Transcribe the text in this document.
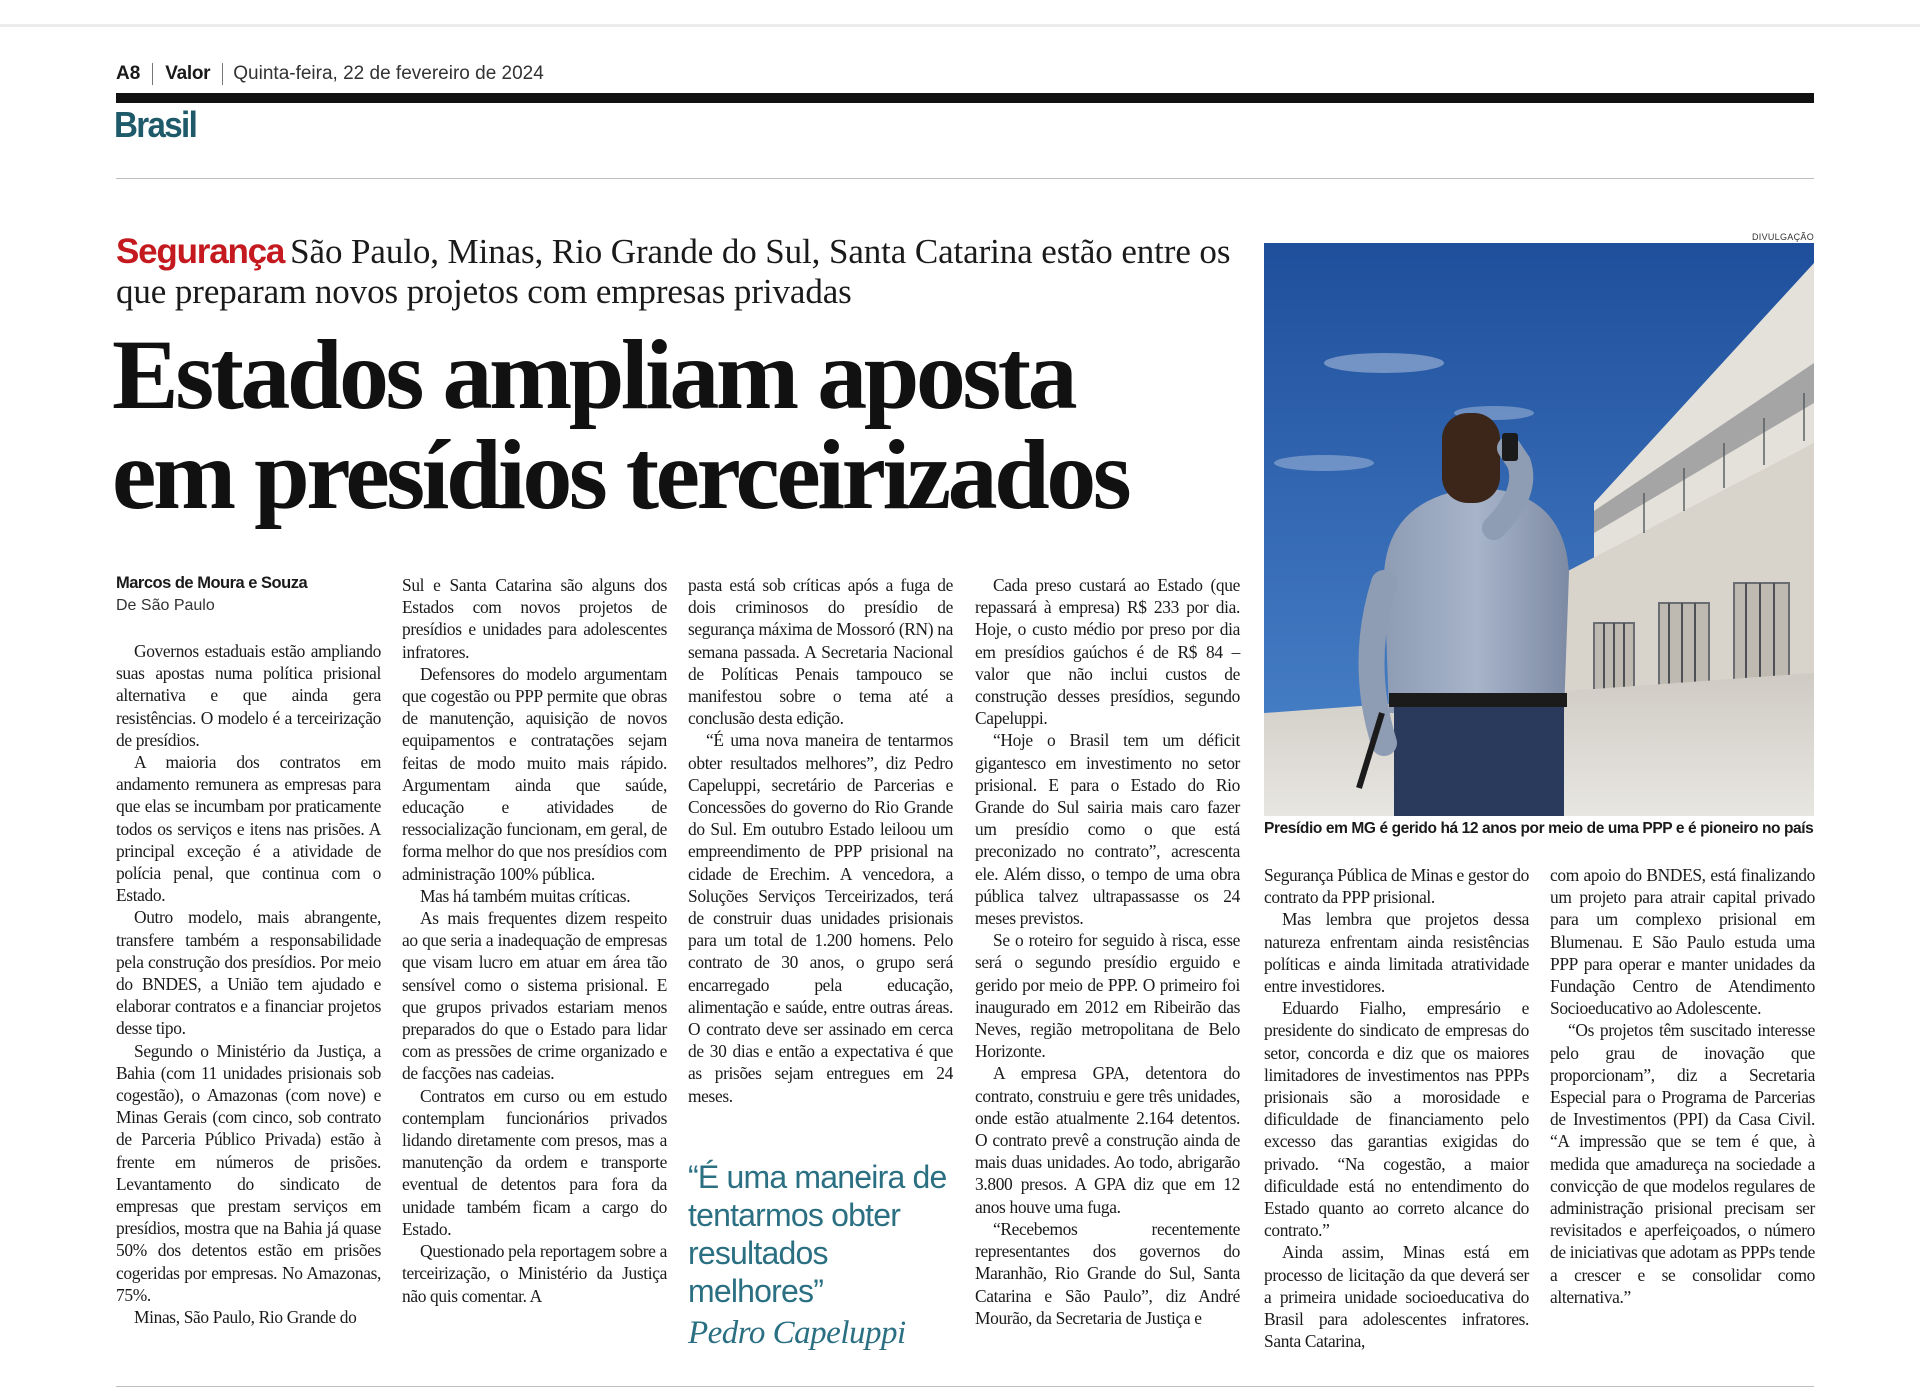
A8	Valor	Quinta-feira, 22 de fevereiro de 2024
Brasil
Segurança São Paulo, Minas, Rio Grande do Sul, Santa Catarina estão entre os que preparam novos projetos com empresas privadas
Estados ampliam aposta
em presídios terceirizados
Marcos de Moura e Souza
De São Paulo

Governos estaduais estão ampliando suas apostas numa política prisional alternativa e que ainda gera resistências. O modelo é a terceirização de presídios.

A maioria dos contratos em andamento remunera as empresas para que elas se incumbam por praticamente todos os serviços e itens nas prisões. A principal exceção é a atividade de polícia penal, que continua com o Estado.

Outro modelo, mais abrangente, transfere também a responsabilidade pela construção dos presídios. Por meio do BNDES, a União tem ajudado e elaborar contratos e a financiar projetos desse tipo.

Segundo o Ministério da Justiça, a Bahia (com 11 unidades prisionais sob cogestão), o Amazonas (com nove) e Minas Gerais (com cinco, sob contrato de Parceria Público Privada) estão à frente em números de prisões. Levantamento do sindicato de empresas que prestam serviços em presídios, mostra que na Bahia já quase 50% dos detentos estão em prisões cogeridas por empresas. No Amazonas, 75%.

Minas, São Paulo, Rio Grande do

Sul e Santa Catarina são alguns dos Estados com novos projetos de presídios e unidades para adolescentes infratores.

Defensores do modelo argumentam que cogestão ou PPP permite que obras de manutenção, aquisição de novos equipamentos e contratações sejam feitas de modo muito mais rápido. Argumentam ainda que saúde, educação e atividades de ressocialização funcionam, em geral, de forma melhor do que nos presídios com administração 100% pública.

Mas há também muitas críticas.

As mais frequentes dizem respeito ao que seria a inadequação de empresas que visam lucro em atuar em área tão sensível como o sistema prisional. E que grupos privados estariam menos preparados do que o Estado para lidar com as pressões de crime organizado e de facções nas cadeias.

Contratos em curso ou em estudo contemplam funcionários privados lidando diretamente com presos, mas a manutenção da ordem e transporte eventual de detentos para fora da unidade também ficam a cargo do Estado.

Questionado pela reportagem sobre a terceirização, o Ministério da Justiça não quis comentar. A

pasta está sob críticas após a fuga de dois criminosos do presídio de segurança máxima de Mossoró (RN) na semana passada. A Secretaria Nacional de Políticas Penais tampouco se manifestou sobre o tema até a conclusão desta edição.

“É uma nova maneira de tentarmos obter resultados melhores”, diz Pedro Capeluppi, secretário de Parcerias e Concessões do governo do Rio Grande do Sul. Em outubro Estado leiloou um empreendimento de PPP prisional na cidade de Erechim. A vencedora, a Soluções Serviços Terceirizados, terá de construir duas unidades prisionais para um total de 1.200 homens. Pelo contrato de 30 anos, o grupo será encarregado pela educação, alimentação e saúde, entre outras áreas. O contrato deve ser assinado em cerca de 30 dias e então a expectativa é que as prisões sejam entregues em 24 meses.

“É uma maneira de tentarmos obter resultados melhores”
Pedro Capeluppi

Cada preso custará ao Estado (que repassará à empresa) R$ 233 por dia. Hoje, o custo médio por preso por dia em presídios gaúchos é de R$ 84 – valor que não inclui custos de construção desses presídios, segundo Capeluppi.

“Hoje o Brasil tem um déficit gigantesco em investimento no setor prisional. E para o Estado do Rio Grande do Sul sairia mais caro fazer um presídio como o que está preconizado no contrato”, acrescenta ele. Além disso, o tempo de uma obra pública talvez ultrapassasse os 24 meses previstos.

Se o roteiro for seguido à risca, esse será o segundo presídio erguido e gerido por meio de PPP. O primeiro foi inaugurado em 2012 em Ribeirão das Neves, região metropolitana de Belo Horizonte.

A empresa GPA, detentora do contrato, construiu e gere três unidades, onde estão atualmente 2.164 detentos. O contrato prevê a construção ainda de mais duas unidades. Ao todo, abrigarão 3.800 presos. A GPA diz que em 12 anos houve uma fuga.

“Recebemos recentemente representantes dos governos do Maranhão, Rio Grande do Sul, Santa Catarina e São Paulo”, diz André Mourão, da Secretaria de Justiça e

DIVULGAÇÃO
Presídio em MG é gerido há 12 anos por meio de uma PPP e é pioneiro no país

Segurança Pública de Minas e gestor do contrato da PPP prisional.

Mas lembra que projetos dessa natureza enfrentam ainda resistências políticas e ainda limitada atratividade entre investidores.

Eduardo Fialho, empresário e presidente do sindicato de empresas do setor, concorda e diz que os maiores limitadores de investimentos nas PPPs prisionais são a morosidade e dificuldade de financiamento pelo excesso das garantias exigidas do privado. “Na cogestão, a maior dificuldade está no entendimento do Estado quanto ao correto alcance do contrato.”

Ainda assim, Minas está em processo de licitação da que deverá ser a primeira unidade socioeducativa do Brasil para adolescentes infratores. Santa Catarina,

com apoio do BNDES, está finalizando um projeto para atrair capital privado para um complexo prisional em Blumenau. E São Paulo estuda uma PPP para operar e manter unidades da Fundação Centro de Atendimento Socioeducativo ao Adolescente.

“Os projetos têm suscitado interesse pelo grau de inovação que proporcionam”, diz a Secretaria Especial para o Programa de Parcerias de Investimentos (PPI) da Casa Civil. “A impressão que se tem é que, à medida que amadureça na sociedade a convicção de que modelos regulares de administração prisional precisam ser revisitados e aperfeiçoados, o número de iniciativas que adotam as PPPs tende a crescer e se consolidar como alternativa.”
